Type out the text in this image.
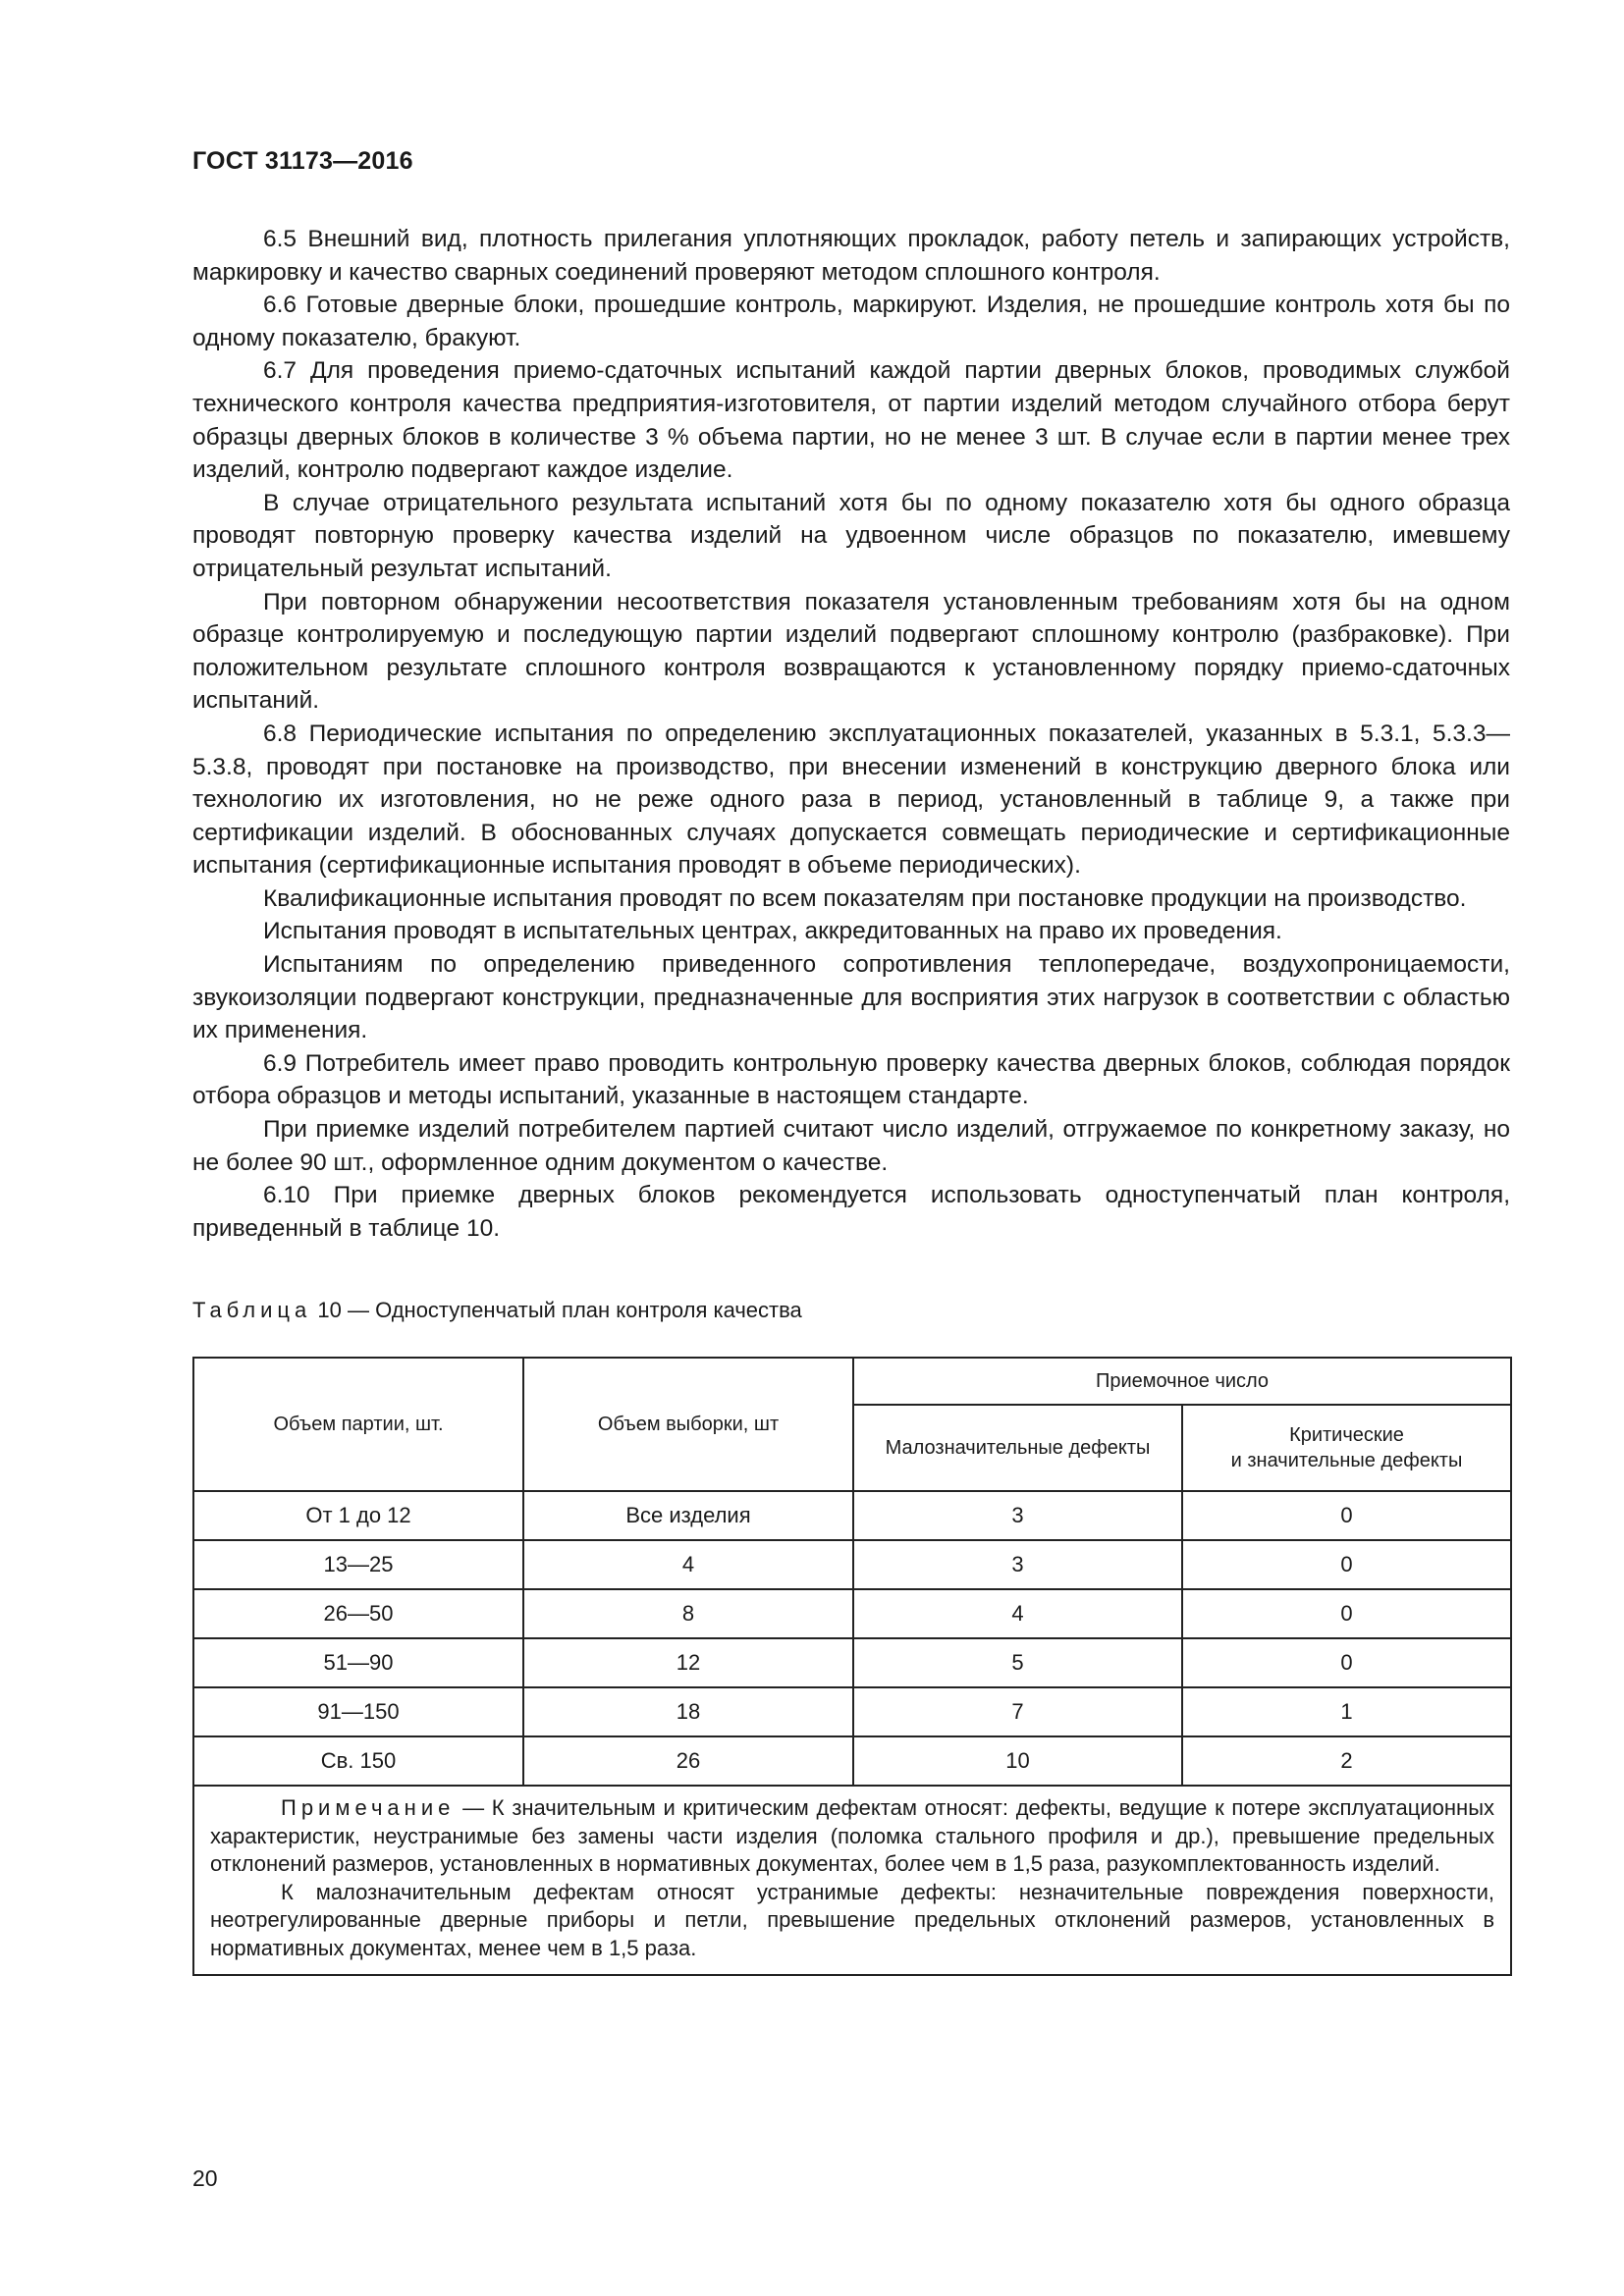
ГОСТ 31173—2016

6.5 Внешний вид, плотность прилегания уплотняющих прокладок, работу петель и запирающих устройств, маркировку и качество сварных соединений проверяют методом сплошного контроля.

6.6 Готовые дверные блоки, прошедшие контроль, маркируют. Изделия, не прошедшие контроль хотя бы по одному показателю, бракуют.

6.7 Для проведения приемо-сдаточных испытаний каждой партии дверных блоков, проводимых службой технического контроля качества предприятия-изготовителя, от партии изделий методом случайного отбора берут образцы дверных блоков в количестве 3 % объема партии, но не менее 3 шт. В случае если в партии менее трех изделий, контролю подвергают каждое изделие.

В случае отрицательного результата испытаний хотя бы по одному показателю хотя бы одного образца проводят повторную проверку качества изделий на удвоенном числе образцов по показателю, имевшему отрицательный результат испытаний.

При повторном обнаружении несоответствия показателя установленным требованиям хотя бы на одном образце контролируемую и последующую партии изделий подвергают сплошному контролю (разбраковке). При положительном результате сплошного контроля возвращаются к установленному порядку приемо-сдаточных испытаний.

6.8 Периодические испытания по определению эксплуатационных показателей, указанных в 5.3.1, 5.3.3—5.3.8, проводят при постановке на производство, при внесении изменений в конструкцию дверного блока или технологию их изготовления, но не реже одного раза в период, установленный в таблице 9, а также при сертификации изделий. В обоснованных случаях допускается совмещать периодические и сертификационные испытания (сертификационные испытания проводят в объеме периодических).

Квалификационные испытания проводят по всем показателям при постановке продукции на производство.

Испытания проводят в испытательных центрах, аккредитованных на право их проведения.

Испытаниям по определению приведенного сопротивления теплопередаче, воздухопроницаемости, звукоизоляции подвергают конструкции, предназначенные для восприятия этих нагрузок в соответствии с областью их применения.

6.9 Потребитель имеет право проводить контрольную проверку качества дверных блоков, соблюдая порядок отбора образцов и методы испытаний, указанные в настоящем стандарте.

При приемке изделий потребителем партией считают число изделий, отгружаемое по конкретному заказу, но не более 90 шт., оформленное одним документом о качестве.

6.10 При приемке дверных блоков рекомендуется использовать одноступенчатый план контроля, приведенный в таблице 10.

Таблица 10 — Одноступенчатый план контроля качества
Объем партии, шт.	Объем выборки, шт	Приемочное число	
		Малозначительные дефекты	Критические
и значительные дефекты
От 1 до 12	Все изделия	3	0
13—25	4	3	0
26—50	8	4	0
51—90	12	5	0
91—150	18	7	1
Св. 150	26	10	2

Примечание — К значительным и критическим дефектам относят: дефекты, ведущие к потере эксплуатационных характеристик, неустранимые без замены части изделия (поломка стального профиля и др.), превышение предельных отклонений размеров, установленных в нормативных документах, более чем в 1,5 раза, разукомплектованность изделий.

К малозначительным дефектам относят устранимые дефекты: незначительные повреждения поверхности, неотрегулированные дверные приборы и петли, превышение предельных отклонений размеров, установленных в нормативных документах, менее чем в 1,5 раза.			

20
